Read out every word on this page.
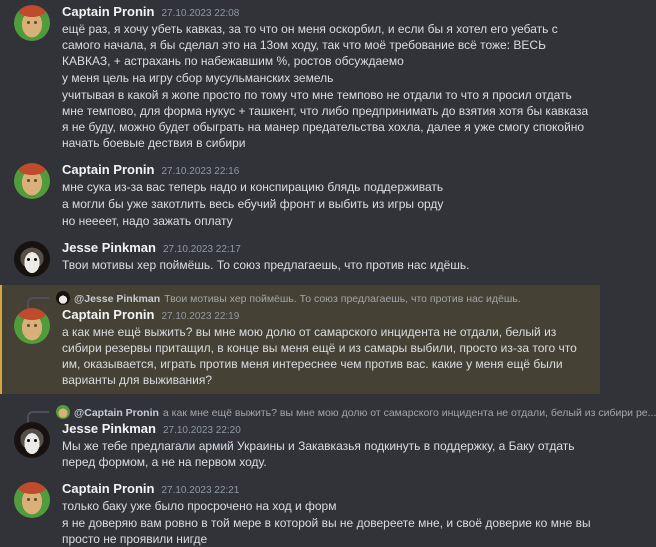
Captain Pronin 27.10.2023 22:08
ещё раз, я хочу убеть кавказ, за то что он меня оскорбил, и если бы я хотел его уебать с самого начала, я бы сделал это на 13ом ходу, так что моё требование всё тоже: ВЕСЬ КАВКАЗ, + астрахань по набежавшим %, ростов обсуждаемо
у меня цель на игру сбор мусульманских земель
учитывая в какой я жопе просто по тому что мне темпово не отдали то что я просил отдать мне темпово, для форма нукус + ташкент, что либо предпринимать до взятия хотя бы кавказа я не буду, можно будет обыграть на манер предательства хохла, далее я уже смогу спокойно начать боевые дествия в сибири
Captain Pronin 27.10.2023 22:16
мне сука из-за вас теперь надо и конспирацию блядь поддерживать
а могли бы уже закотлить весь ебучий фронт и выбить из игры орду
но неееет, надо зажать оплату
Jesse Pinkman 27.10.2023 22:17
Твои мотивы хер поймёшь. То союз предлагаешь, что против нас идёшь.
@Jesse Pinkman Твои мотивы хер поймёшь. То союз предлагаешь, что против нас идёшь.
Captain Pronin 27.10.2023 22:19
а как мне ещё выжить? вы мне мою долю от самарского инцидента не отдали, белый из сибири резервы притащил, в конце вы меня ещё и из самары выбили, просто из-за того что им, оказывается, играть против меня интереснее чем против вас. какие у меня ещё были варианты для выживания?
@Captain Pronin а как мне ещё выжить? вы мне мою долю от самарского инцидента не отдали, белый из сибири ре...
Jesse Pinkman 27.10.2023 22:20
Мы же тебе предлагали армий Украины и Закавказья подкинуть в поддержку, а Баку отдать перед формом, а не на первом ходу.
Captain Pronin 27.10.2023 22:21
только баку уже было просрочено на ход и форм
я не доверяю вам ровно в той мере в которой вы не довереете мне, и своё доверие ко мне вы просто не проявили нигде
